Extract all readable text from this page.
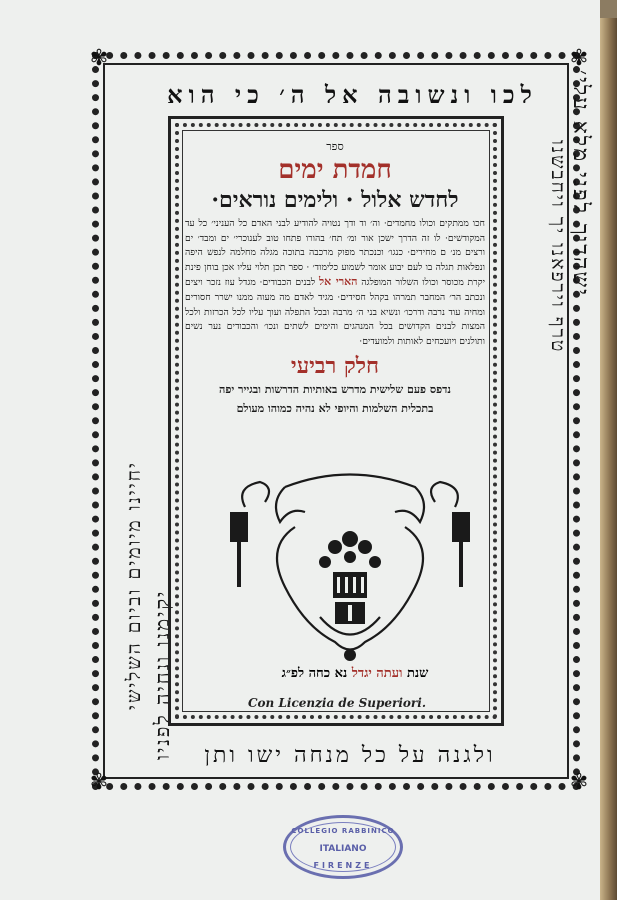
✾	✾
✾	✾
לכו ונשובה אל ה׳ כי הוא	ישהדוך לפני מלא עלי׳
טרף וירפאנו יך ויחבשנו
יחיינו מיומים וביום השלישי יקימנו ונחיה לפניו	ולגנה על כל מנחה ישו ותן
ספר
חמדת ימים
לחדש אלול · ולימים נוראים·
חכו ממתקים וכולו מחמדים· וה׳ וד ודך נטויה להודיע לבני האדם כל העניני׳ כל עד המקודשים· לו זה הדרך ישכן אור ומ׳ תח׳ בהורו פתחו טוב לענוכרי׳ ים ומבד׳ ים ורצים מנ׳ ם מחידים· כנגו׳ וכנכתר מפוק מרכבה בתוכה מגלה מחלמה לנפש היפה ונפלאות תגלה בו לעם יבוע אומר לשמוע כלימוד׳ · ספר תכן תלוי עליו אכן בוחן פינת יקרת מכוסר וכולו השלור המופלגה הארי אל לבנים הכבודים· מגדל עוז נזכר ויצים ונכתב הר׳ המחבר תמרהו בקהל חסידים· מגיד לאדם מה מעוה ממנו ישרר חסורים ומחיה עוד נרבה ודרכו׳ ונשיא בני ה׳ מרבה ובכל התפלה ועוך עליו לכל הכרזות ולכל המצות לבנים הקדושים בכל המנהגים והימים לשתים ונכו׳ והכבודים נער נשים ותולנים ויועכחים לאותות ולמועדים·
חלק רביעי
נדפס פעם שלישית מדרש באותיות הדרשות ובגייר יפה
בתכלית השלמות והיופי לא נהיה כמוהו מעולם
שנת ועתה יגדל נא כחה לפ״ג
Con Licenzia de Superiori.
COLLEGIO RABBINICO
ITALIANO
FIRENZE
